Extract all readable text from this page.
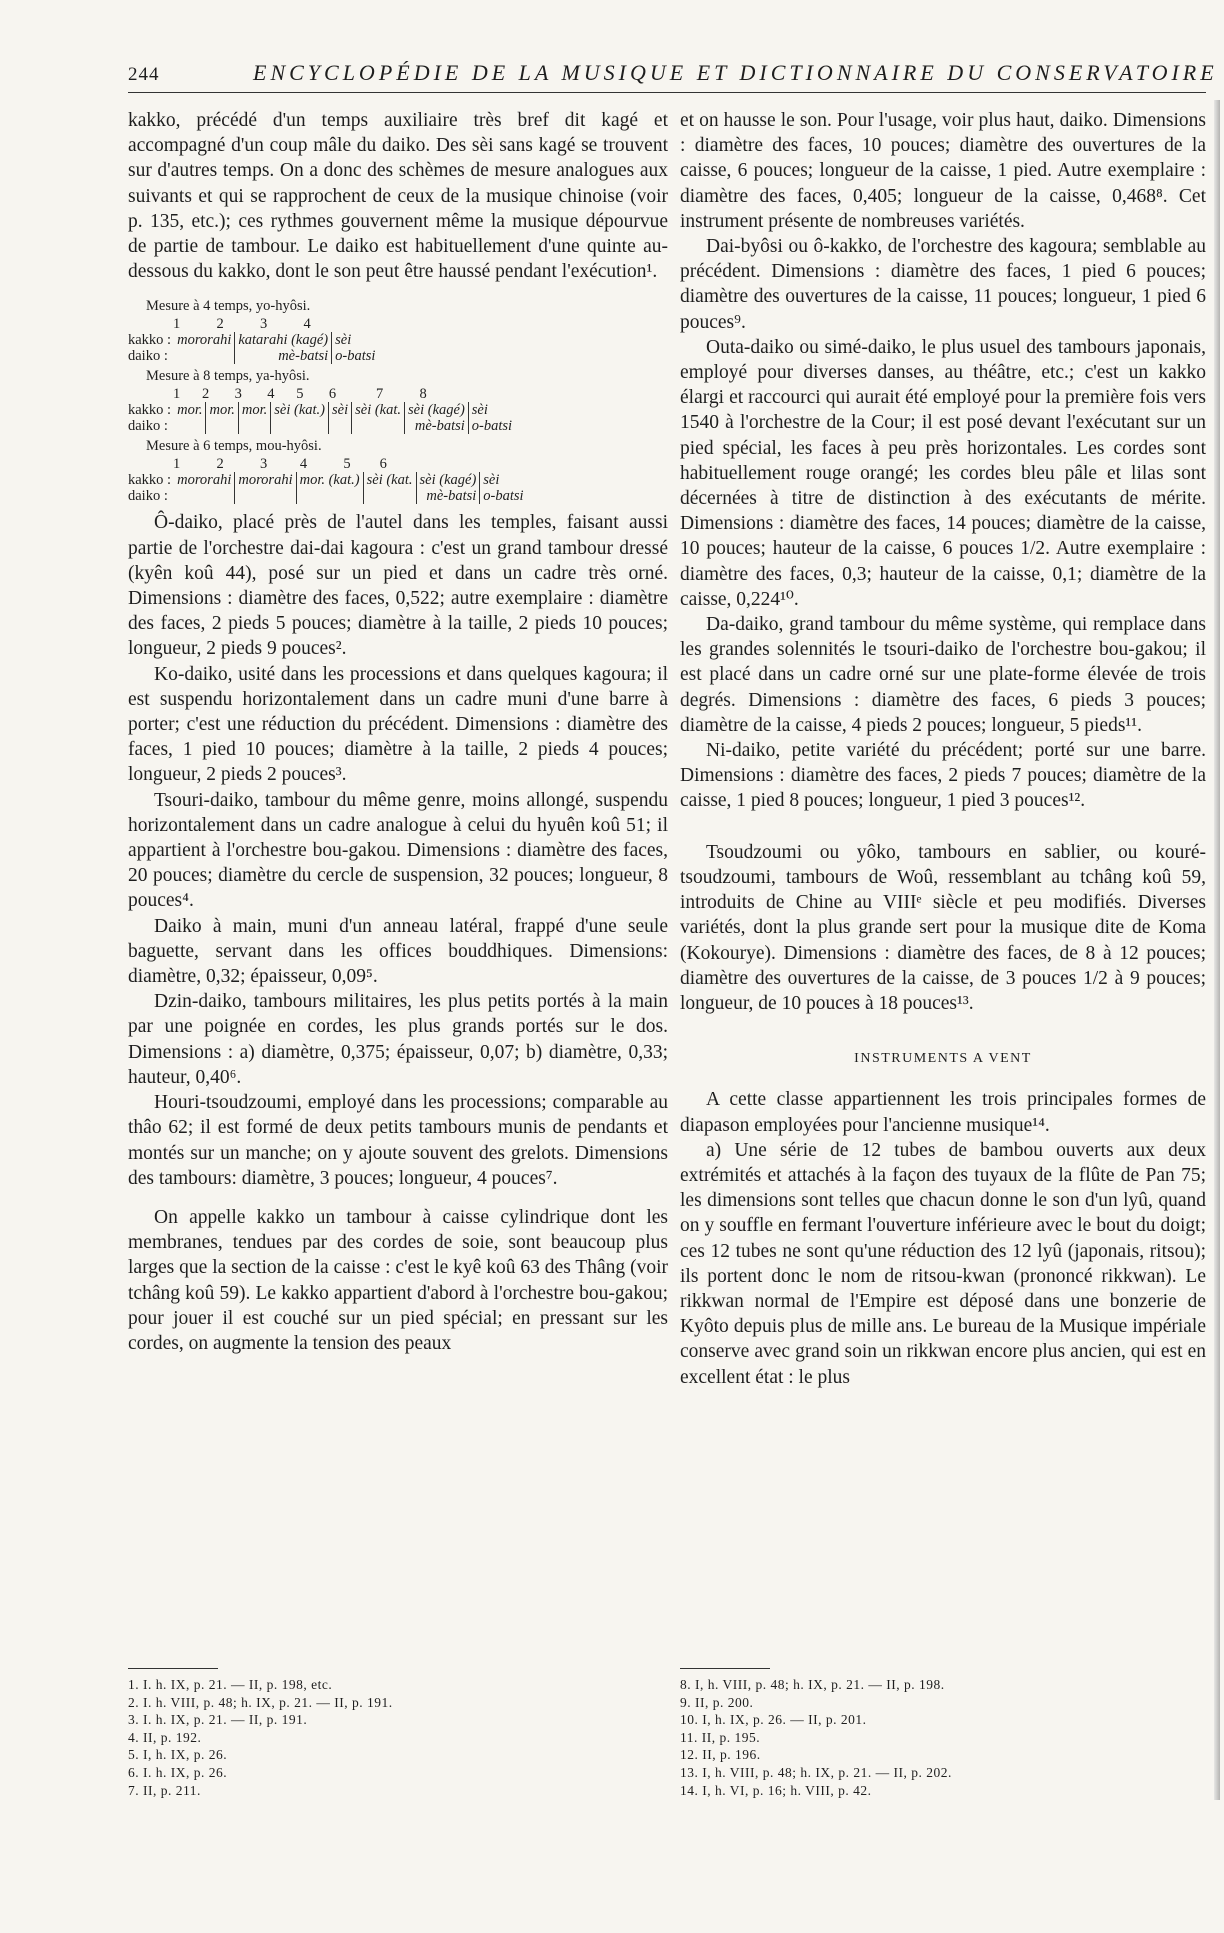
244	ENCYCLOPÉDIE DE LA MUSIQUE ET DICTIONNAIRE DU CONSERVATOIRE

kakko, précédé d'un temps auxiliaire très bref dit kagé et accompagné d'un coup mâle du daiko. Des sèi sans kagé se trouvent sur d'autres temps. On a donc des schèmes de mesure analogues aux suivants et qui se rapprochent de ceux de la musique chinoise (voir p. 135, etc.); ces rythmes gouvernent même la musique dépourvue de partie de tambour. Le daiko est habituellement d'une quinte au-dessous du kakko, dont le son peut être haussé pendant l'exécution¹.

Mesure à 4 temps, yo-hyôsi.
1          2          3          4
kakko :	mororahi	katarahi (kagé)	sèi
daiko :		mè-batsi	o-batsi
Mesure à 8 temps, ya-hyôsi.
1      2       3       4      5       6           7          8
kakko :	mor.	mor.	mor.	sèi (kat.)	sèi	sèi (kat.	sèi (kagé)	sèi
daiko :							mè-batsi	o-batsi
Mesure à 6 temps, mou-hyôsi.
1          2          3         4          5        6
kakko :	mororahi	mororahi	mor. (kat.)	sèi (kat.	sèi (kagé)	sèi
daiko :					mè-batsi	o-batsi

Ô-daiko, placé près de l'autel dans les temples, faisant aussi partie de l'orchestre dai-dai kagoura : c'est un grand tambour dressé (kyên koû 44), posé sur un pied et dans un cadre très orné. Dimensions : diamètre des faces, 0,522; autre exemplaire : diamètre des faces, 2 pieds 5 pouces; diamètre à la taille, 2 pieds 10 pouces; longueur, 2 pieds 9 pouces².

Ko-daiko, usité dans les processions et dans quelques kagoura; il est suspendu horizontalement dans un cadre muni d'une barre à porter; c'est une réduction du précédent. Dimensions : diamètre des faces, 1 pied 10 pouces; diamètre à la taille, 2 pieds 4 pouces; longueur, 2 pieds 2 pouces³.

Tsouri-daiko, tambour du même genre, moins allongé, suspendu horizontalement dans un cadre analogue à celui du hyuên koû 51; il appartient à l'orchestre bou-gakou. Dimensions : diamètre des faces, 20 pouces; diamètre du cercle de suspension, 32 pouces; longueur, 8 pouces⁴.

Daiko à main, muni d'un anneau latéral, frappé d'une seule baguette, servant dans les offices bouddhiques. Dimensions: diamètre, 0,32; épaisseur, 0,09⁵.

Dzin-daiko, tambours militaires, les plus petits portés à la main par une poignée en cordes, les plus grands portés sur le dos. Dimensions : a) diamètre, 0,375; épaisseur, 0,07; b) diamètre, 0,33; hauteur, 0,40⁶.

Houri-tsoudzoumi, employé dans les processions; comparable au thâo 62; il est formé de deux petits tambours munis de pendants et montés sur un manche; on y ajoute souvent des grelots. Dimensions des tambours: diamètre, 3 pouces; longueur, 4 pouces⁷.

On appelle kakko un tambour à caisse cylindrique dont les membranes, tendues par des cordes de soie, sont beaucoup plus larges que la section de la caisse : c'est le kyê koû 63 des Thâng (voir tchâng koû 59). Le kakko appartient d'abord à l'orchestre bou-gakou; pour jouer il est couché sur un pied spécial; en pressant sur les cordes, on augmente la tension des peaux

et on hausse le son. Pour l'usage, voir plus haut, daiko. Dimensions : diamètre des faces, 10 pouces; diamètre des ouvertures de la caisse, 6 pouces; longueur de la caisse, 1 pied. Autre exemplaire : diamètre des faces, 0,405; longueur de la caisse, 0,468⁸. Cet instrument présente de nombreuses variétés.

Dai-byôsi ou ô-kakko, de l'orchestre des kagoura; semblable au précédent. Dimensions : diamètre des faces, 1 pied 6 pouces; diamètre des ouvertures de la caisse, 11 pouces; longueur, 1 pied 6 pouces⁹.

Outa-daiko ou simé-daiko, le plus usuel des tambours japonais, employé pour diverses danses, au théâtre, etc.; c'est un kakko élargi et raccourci qui aurait été employé pour la première fois vers 1540 à l'orchestre de la Cour; il est posé devant l'exécutant sur un pied spécial, les faces à peu près horizontales. Les cordes sont habituellement rouge orangé; les cordes bleu pâle et lilas sont décernées à titre de distinction à des exécutants de mérite. Dimensions : diamètre des faces, 14 pouces; diamètre de la caisse, 10 pouces; hauteur de la caisse, 6 pouces 1/2. Autre exemplaire : diamètre des faces, 0,3; hauteur de la caisse, 0,1; diamètre de la caisse, 0,224¹⁰.

Da-daiko, grand tambour du même système, qui remplace dans les grandes solennités le tsouri-daiko de l'orchestre bou-gakou; il est placé dans un cadre orné sur une plate-forme élevée de trois degrés. Dimensions : diamètre des faces, 6 pieds 3 pouces; diamètre de la caisse, 4 pieds 2 pouces; longueur, 5 pieds¹¹.

Ni-daiko, petite variété du précédent; porté sur une barre. Dimensions : diamètre des faces, 2 pieds 7 pouces; diamètre de la caisse, 1 pied 8 pouces; longueur, 1 pied 3 pouces¹².

Tsoudzoumi ou yôko, tambours en sablier, ou kouré-tsoudzoumi, tambours de Woû, ressemblant au tchâng koû 59, introduits de Chine au VIIIᵉ siècle et peu modifiés. Diverses variétés, dont la plus grande sert pour la musique dite de Koma (Kokourye). Dimensions : diamètre des faces, de 8 à 12 pouces; diamètre des ouvertures de la caisse, de 3 pouces 1/2 à 9 pouces; longueur, de 10 pouces à 18 pouces¹³.

INSTRUMENTS A VENT

A cette classe appartiennent les trois principales formes de diapason employées pour l'ancienne musique¹⁴.

a) Une série de 12 tubes de bambou ouverts aux deux extrémités et attachés à la façon des tuyaux de la flûte de Pan 75; les dimensions sont telles que chacun donne le son d'un lyû, quand on y souffle en fermant l'ouverture inférieure avec le bout du doigt; ces 12 tubes ne sont qu'une réduction des 12 lyû (japonais, ritsou); ils portent donc le nom de ritsou-kwan (prononcé rikkwan). Le rikkwan normal de l'Empire est déposé dans une bonzerie de Kyôto depuis plus de mille ans. Le bureau de la Musique impériale conserve avec grand soin un rikkwan encore plus ancien, qui est en excellent état : le plus

1. I. h. IX, p. 21. — II, p. 198, etc.
2. I. h. VIII, p. 48; h. IX, p. 21. — II, p. 191.
3. I. h. IX, p. 21. — II, p. 191.
4. II, p. 192.
5. I, h. IX, p. 26.
6. I. h. IX, p. 26.
7. II, p. 211.
8. I, h. VIII, p. 48; h. IX, p. 21. — II, p. 198.
9. II, p. 200.
10. I, h. IX, p. 26. — II, p. 201.
11. II, p. 195.
12. II, p. 196.
13. I, h. VIII, p. 48; h. IX, p. 21. — II, p. 202.
14. I, h. VI, p. 16; h. VIII, p. 42.
